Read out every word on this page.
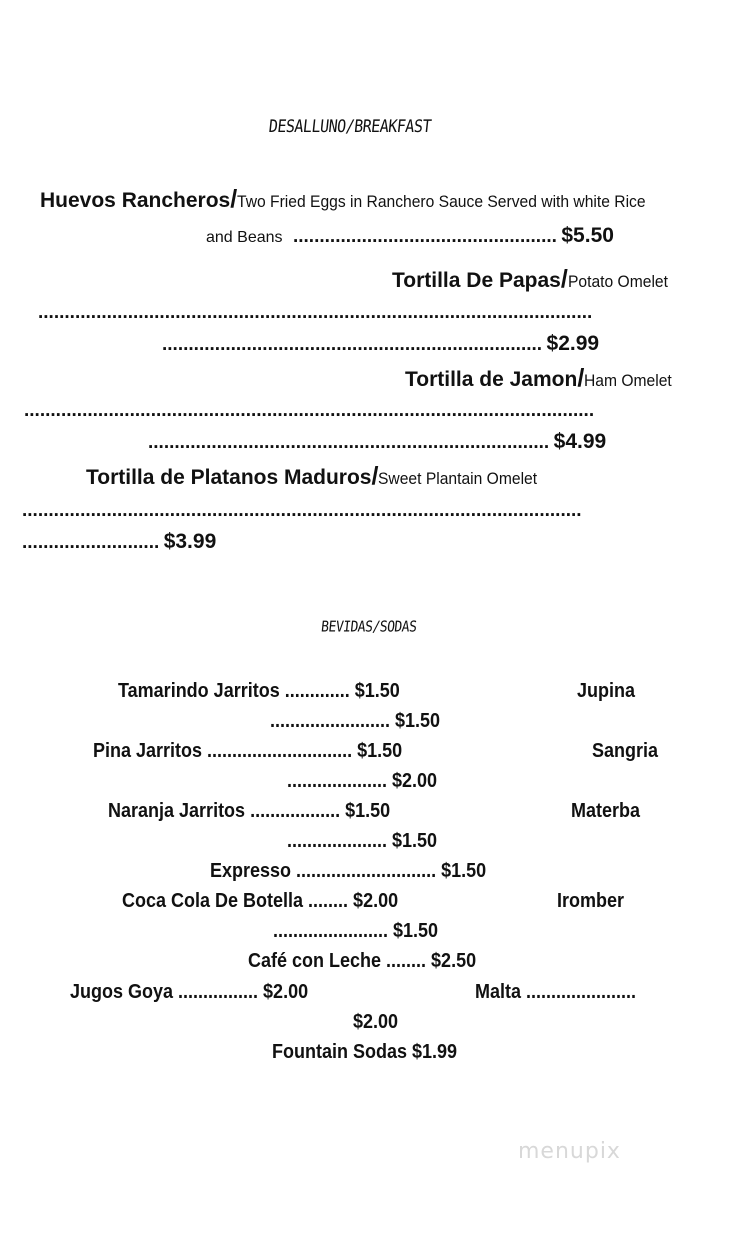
DESALLUNO/BREAKFAST
Huevos Rancheros/Two Fried Eggs in Ranchero Sauce Served with white Rice
and Beans .................................................. $5.50
Tortilla De Papas/Potato Omelet
.........................................................................................................
........................................................................ $2.99
Tortilla de Jamon/Ham Omelet
............................................................................................................
............................................................................ $4.99
Tortilla de Platanos Maduros/Sweet Plantain Omelet
..........................................................................................................
.......................... $3.99
BEVIDAS/SODAS
Tamarindo Jarritos ............. $1.50	Jupina
........................ $1.50
Pina Jarritos ............................. $1.50	Sangria
.................... $2.00
Naranja Jarritos .................. $1.50	Materba
.................... $1.50
Expresso ............................ $1.50
Coca Cola De Botella ........ $2.00	Iromber
....................... $1.50
Café con Leche ........ $2.50
Jugos Goya ................ $2.00	Malta ......................
$2.00
Fountain Sodas $1.99
menupix
